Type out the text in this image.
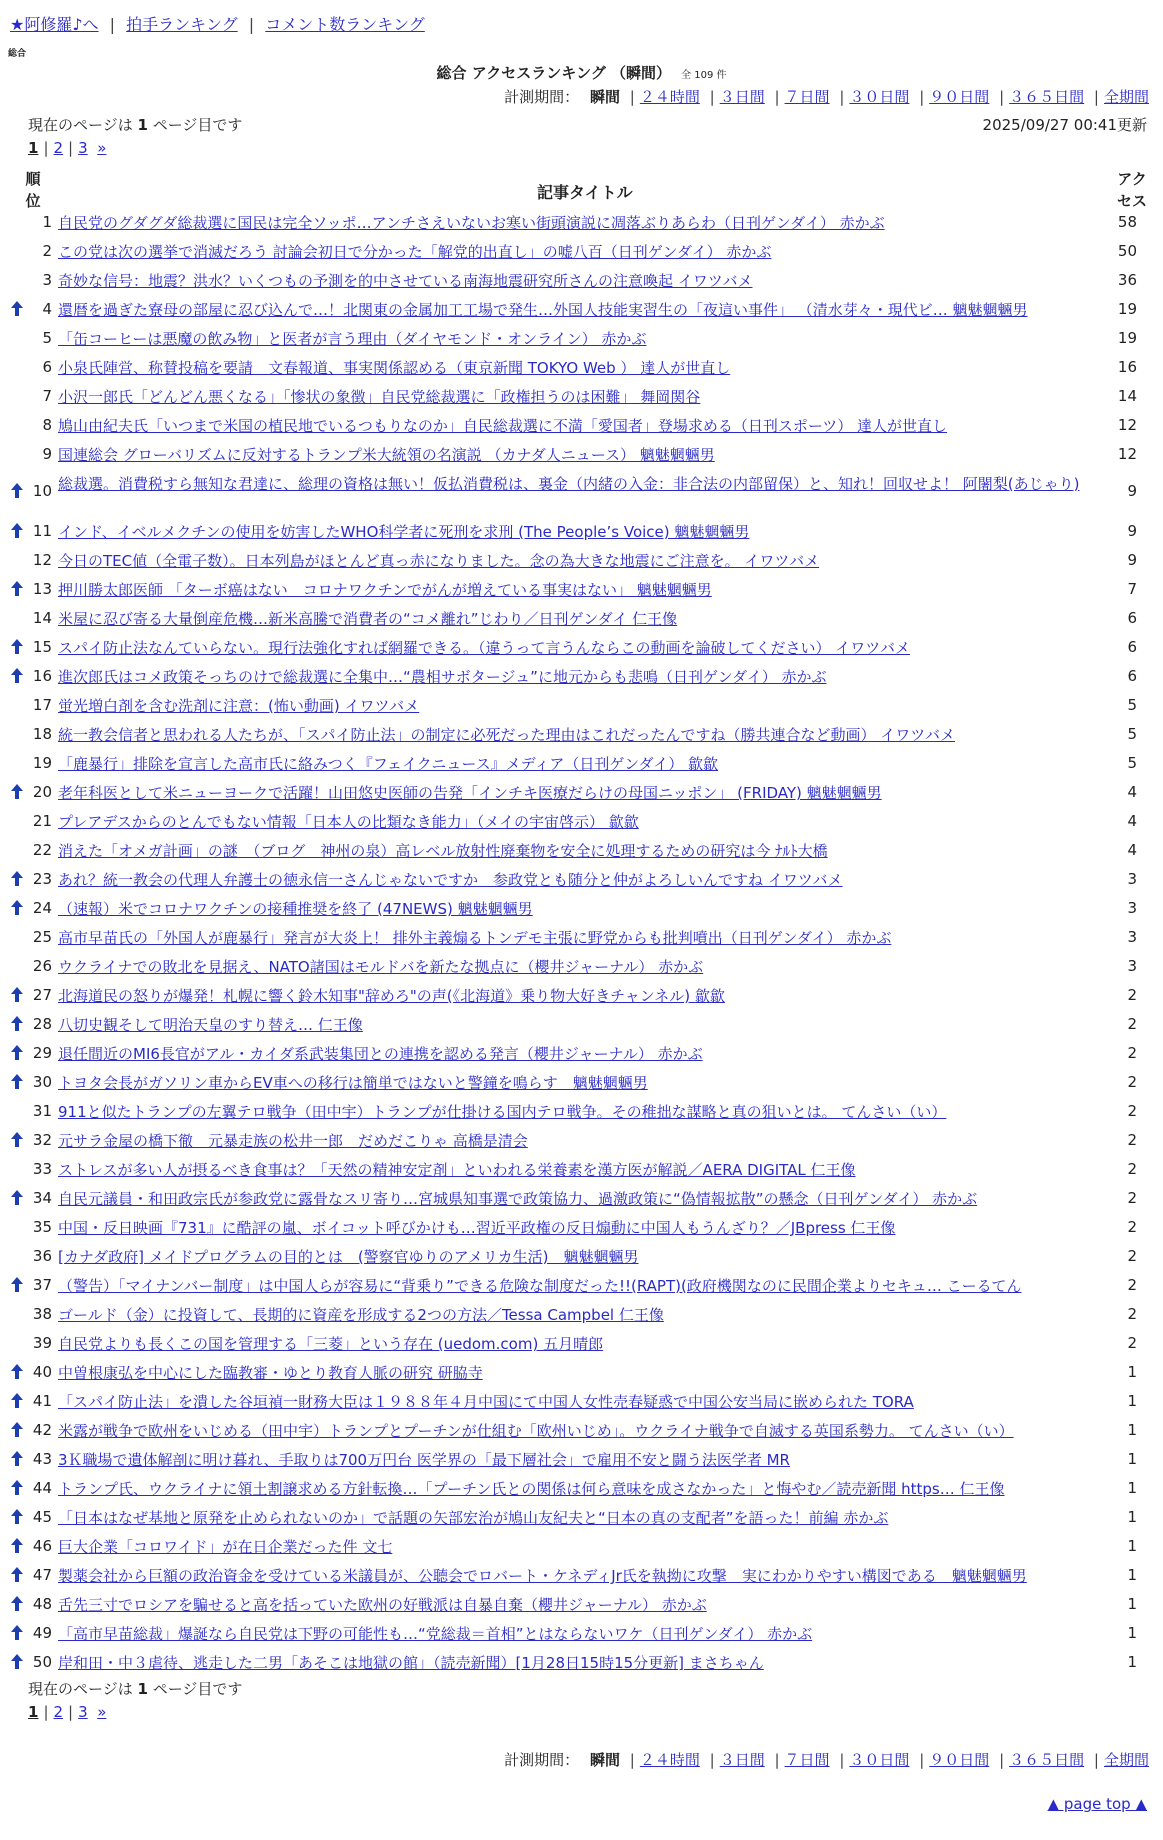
★阿修羅♪へ | 拍手ランキング | コメント数ランキング
総合
総合 アクセスランキング （瞬間） 全 109 件
計測期間： 瞬間 | ２４時間 | ３日間 | ７日間 | ３０日間 | ９０日間 | ３６５日間 | 全期間
現在のページは 1 ページ目です	2025/09/27 00:41更新
1 | 2 | 3 »
順位	記事タイトル
アクセス
1 自民党のグダグダ総裁選に国民は完全ソッポ…アンチさえいないお寒い街頭演説に凋落ぶりあらわ（日刊ゲンダイ） 赤かぶ	58
2 この党は次の選挙で消滅だろう 討論会初日で分かった「解党的出直し」の嘘八百（日刊ゲンダイ） 赤かぶ	50
3 奇妙な信号：地震？洪水？いくつもの予測を的中させている南海地震研究所さんの注意喚起 イワツバメ	36
4 還暦を過ぎた寮母の部屋に忍び込んで…！北関東の金属加工工場で発生…外国人技能実習生の「夜這い事件」 （清水芽々・現代ビ… 魑魅魍魎男	19
5 「缶コーヒーは悪魔の飲み物」と医者が言う理由（ダイヤモンド・オンライン） 赤かぶ	19
6 小泉氏陣営、称賛投稿を要請　文春報道、事実関係認める（東京新聞 TOKYO Web ） 達人が世直し	16
7 小沢一郎氏「どんどん悪くなる」「惨状の象徴」自民党総裁選に「政権担うのは困難」 舞岡関谷	14
8 鳩山由紀夫氏「いつまで米国の植民地でいるつもりなのか」自民総裁選に不満「愛国者」登場求める（日刊スポーツ） 達人が世直し	12
9 国連総会 グローバリズムに反対するトランプ米大統領の名演説 （カナダ人ニュース） 魑魅魍魎男	12
10 総裁選。消費税すら無知な君達に、総理の資格は無い！仮払消費税は、裏金（内緒の入金：非合法の内部留保）と、知れ！回収せよ！ 阿闍梨(あじゃり)	9
11 インド、イベルメクチンの使用を妨害したWHO科学者に死刑を求刑 (The People’s Voice) 魑魅魍魎男	9
12 今日のTEC値（全電子数）。日本列島がほとんど真っ赤になりました。念の為大きな地震にご注意を。 イワツバメ	9
13 押川勝太郎医師 「ターボ癌はない　コロナワクチンでがんが増えている事実はない」 魑魅魍魎男	7
14 米屋に忍び寄る大量倒産危機…新米高騰で消費者の“コメ離れ”じわり／日刊ゲンダイ 仁王像	6
15 スパイ防止法なんていらない。現行法強化すれば網羅できる。（違うって言うんならこの動画を論破してください） イワツバメ	6
16 進次郎氏はコメ政策そっちのけで総裁選に全集中…“農相サボタージュ”に地元からも悲鳴（日刊ゲンダイ） 赤かぶ	6
17 蛍光増白剤を含む洗剤に注意：(怖い動画) イワツバメ	5
18 統一教会信者と思われる人たちが、「スパイ防止法」の制定に必死だった理由はこれだったんですね（勝共連合など動画） イワツバメ	5
19 「鹿暴行」排除を宣言した高市氏に絡みつく『フェイクニュース』メディア（日刊ゲンダイ） 歙歙	5
20 老年科医として米ニューヨークで活躍！山田悠史医師の告発「インチキ医療だらけの母国ニッポン」 (FRIDAY) 魑魅魍魎男	4
21 プレアデスからのとんでもない情報「日本人の比類なき能力」（メイの宇宙啓示） 歙歙	4
22 消えた「オメガ計画」の謎　（ブログ　神州の泉）高レベル放射性廃棄物を安全に処理するための研究は今 ﾅﾙﾄ大橋	4
23 あれ？統一教会の代理人弁護士の徳永信一さんじゃないですか　参政党とも随分と仲がよろしいんですね イワツバメ	3
24 （速報）米でコロナワクチンの接種推奨を終了 (47NEWS) 魑魅魍魎男	3
25 高市早苗氏の「外国人が鹿暴行」発言が大炎上！ 排外主義煽るトンデモ主張に野党からも批判噴出（日刊ゲンダイ） 赤かぶ	3
26 ウクライナでの敗北を見据え、NATO諸国はモルドバを新たな拠点に（櫻井ジャーナル） 赤かぶ	3
27 北海道民の怒りが爆発！札幌に響く鈴木知事"辞めろ"の声(《北海道》乗り物大好きチャンネル) 歙歙	2
28 八切史観そして明治天皇のすり替え… 仁王像	2
29 退任間近のMI6長官がアル・カイダ系武装集団との連携を認める発言（櫻井ジャーナル） 赤かぶ	2
30 トヨタ会長がガソリン車からEV車への移行は簡単ではないと警鐘を鳴らす　魑魅魍魎男	2
31 911と似たトランプの左翼テロ戦争（田中宇）トランプが仕掛ける国内テロ戦争。その稚拙な謀略と真の狙いとは。 てんさい（い）	2
32 元サラ金屋の橋下徹　元暴走族の松井一郎　だめだこりゃ 高橋是清会	2
33 ストレスが多い人が摂るべき食事は？「天然の精神安定剤」といわれる栄養素を漢方医が解説／AERA DIGITAL 仁王像	2
34 自民元議員・和田政宗氏が参政党に露骨なスリ寄り…宮城県知事選で政策協力、過激政策に“偽情報拡散”の懸念（日刊ゲンダイ） 赤かぶ	2
35 中国・反日映画『731』に酷評の嵐、ボイコット呼びかけも…習近平政権の反日煽動に中国人もうんざり？／JBpress 仁王像	2
36 [カナダ政府] メイドプログラムの目的とは　(警察官ゆりのアメリカ生活)　魑魅魍魎男	2
37 （警告）「マイナンバー制度」は中国人らが容易に“背乗り”できる危険な制度だった!!(RAPT)(政府機関なのに民間企業よりセキュ… こーるてん	2
38 ゴールド（金）に投資して、長期的に資産を形成する2つの方法／Tessa Campbel 仁王像	2
39 自民党よりも長くこの国を管理する「三菱」という存在 (uedom.com) 五月晴郎	2
40 中曽根康弘を中心にした臨教審・ゆとり教育人脈の研究 研脇寺	1
41 「スパイ防止法」を潰した谷垣禎一財務大臣は１９８８年４月中国にて中国人女性売春疑惑で中国公安当局に嵌められた TORA	1
42 米露が戦争で欧州をいじめる（田中宇）トランプとプーチンが仕組む「欧州いじめ」。ウクライナ戦争で自滅する英国系勢力。 てんさい（い）	1
43 3Ｋ職場で遺体解剖に明け暮れ、手取りは700万円台 医学界の「最下層社会」で雇用不安と闘う法医学者 MR	1
44 トランプ氏、ウクライナに領土割譲求める方針転換…「プーチン氏との関係は何ら意味を成さなかった」と悔やむ／読売新聞 https… 仁王像	1
45 「日本はなぜ基地と原発を止められないのか」で話題の矢部宏治が鳩山友紀夫と“日本の真の支配者”を語った！前編 赤かぶ	1
46 巨大企業「コロワイド」が在日企業だった件 文七	1
47 製薬会社から巨額の政治資金を受けている米議員が、公聴会でロバート・ケネディJr氏を執拗に攻撃　実にわかりやすい構図である　魑魅魍魎男	1
48 舌先三寸でロシアを騙せると高を括っていた欧州の好戦派は自暴自棄（櫻井ジャーナル） 赤かぶ	1
49 「高市早苗総裁」爆誕なら自民党は下野の可能性も…“党総裁＝首相”とはならないワケ（日刊ゲンダイ） 赤かぶ	1
50 岸和田・中３虐待、逃走した二男「あそこは地獄の館」（読売新聞）[1月28日15時15分更新] まさちゃん	1
現在のページは 1 ページ目です
1 | 2 | 3 »
計測期間： 瞬間 | ２４時間 | ３日間 | ７日間 | ３０日間 | ９０日間 | ３６５日間 | 全期間
▲ page top ▲
